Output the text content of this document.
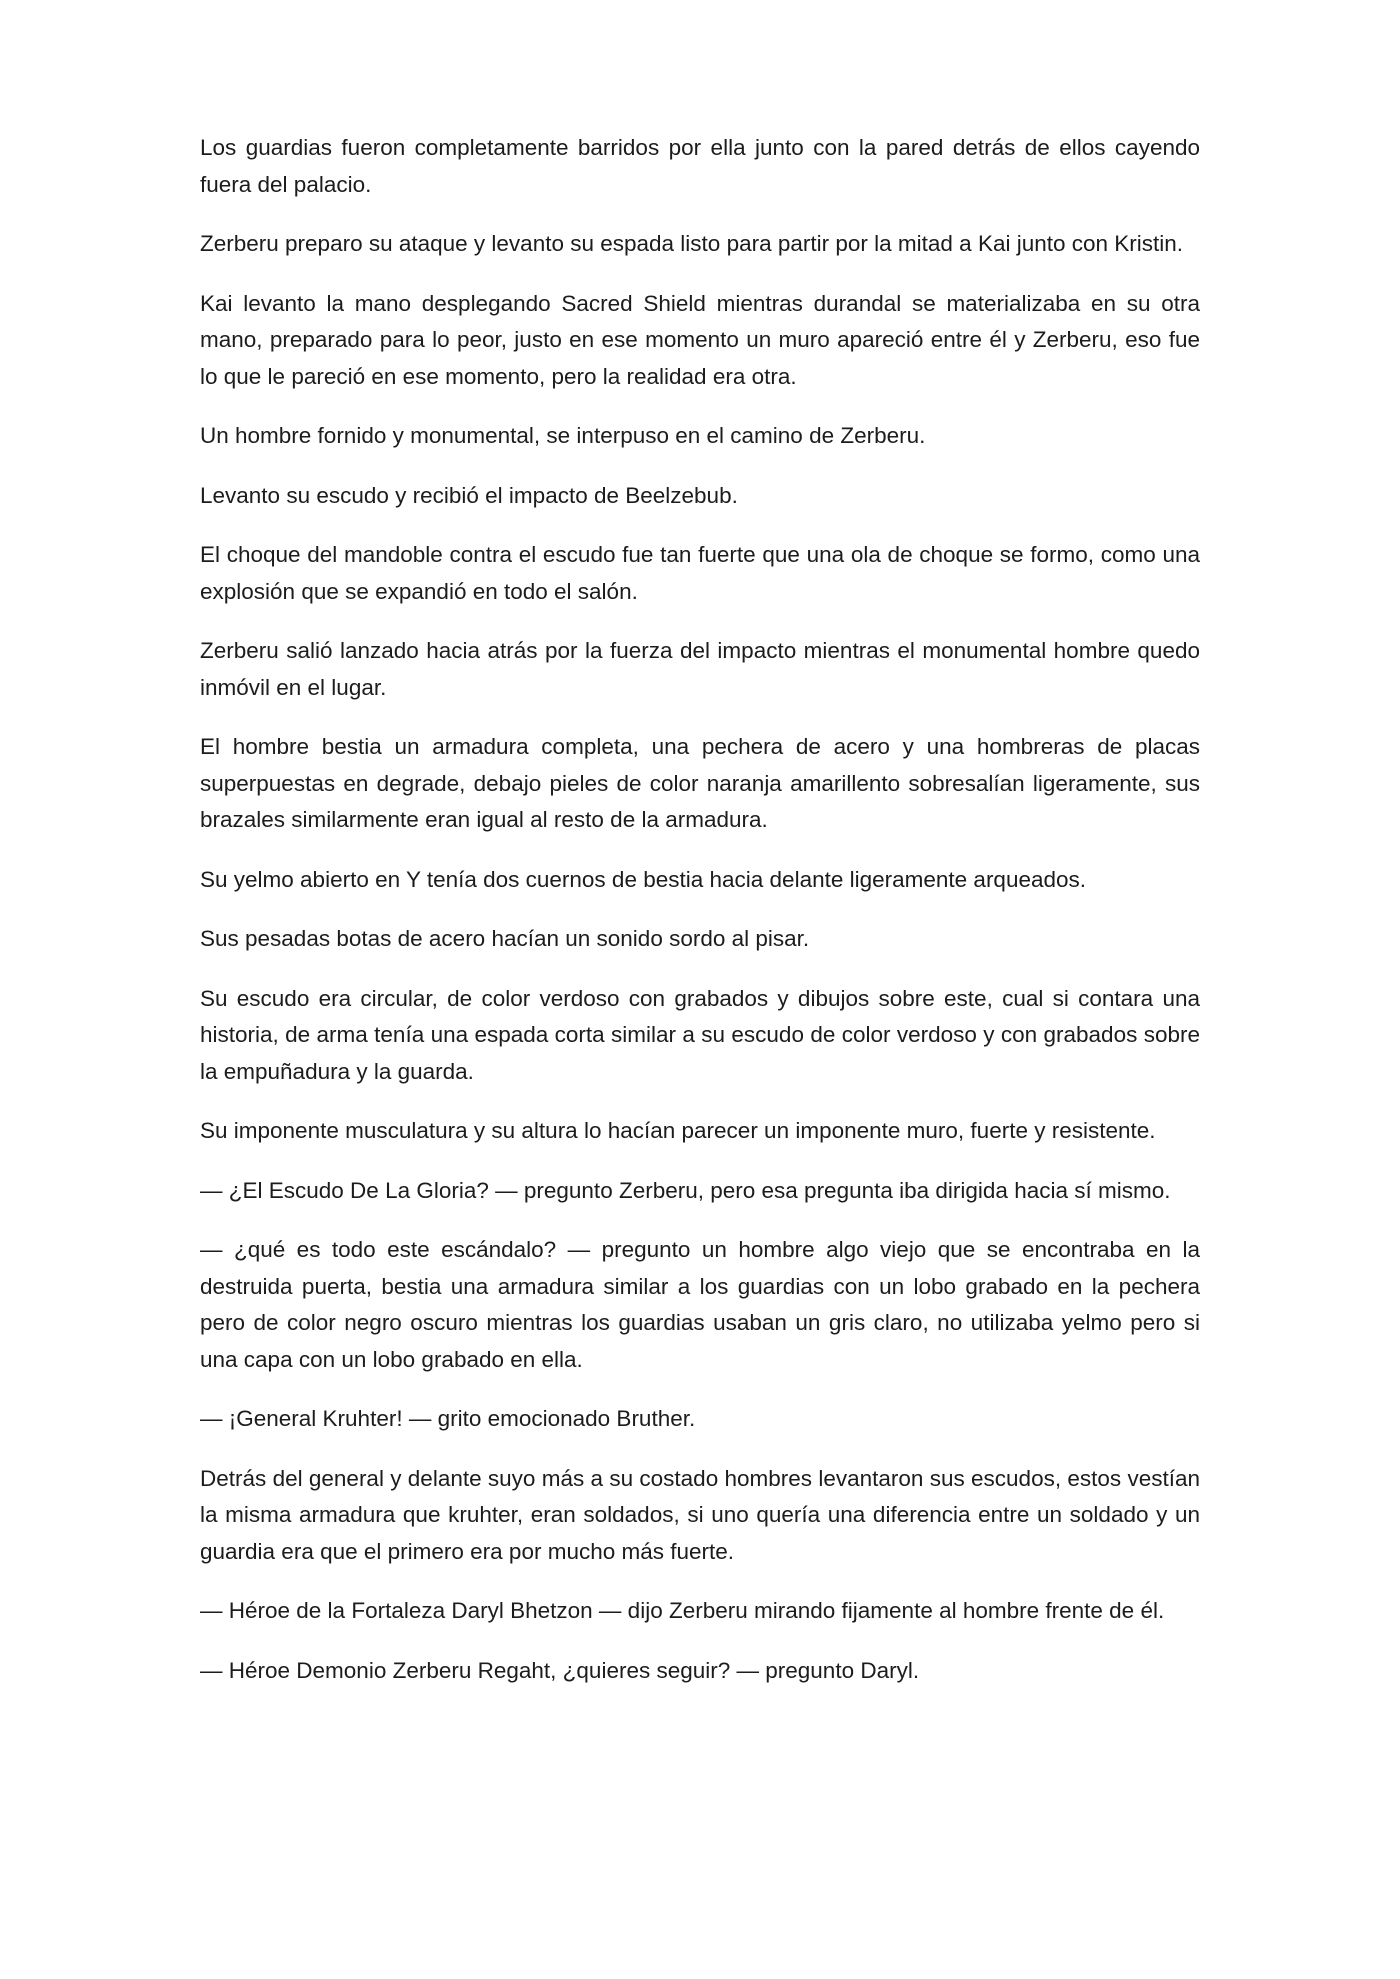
Los guardias fueron completamente barridos por ella junto con la pared detrás de ellos cayendo fuera del palacio.

Zerberu preparo su ataque y levanto su espada listo para partir por la mitad a Kai junto con Kristin.

Kai levanto la mano desplegando Sacred Shield mientras durandal se materializaba en su otra mano, preparado para lo peor, justo en ese momento un muro apareció entre él y Zerberu, eso fue lo que le pareció en ese momento, pero la realidad era otra.

Un hombre fornido y monumental, se interpuso en el camino de Zerberu.

Levanto su escudo y recibió el impacto de Beelzebub.

El choque del mandoble contra el escudo fue tan fuerte que una ola de choque se formo, como una explosión que se expandió en todo el salón.

Zerberu salió lanzado hacia atrás por la fuerza del impacto mientras el monumental hombre quedo inmóvil en el lugar.

El hombre bestia un armadura completa, una pechera de acero y una hombreras de placas superpuestas en degrade, debajo pieles de color naranja amarillento sobresalían ligeramente, sus brazales similarmente eran igual al resto de la armadura.

Su yelmo abierto en Y tenía dos cuernos de bestia hacia delante ligeramente arqueados.

Sus pesadas botas de acero hacían un sonido sordo al pisar.

Su escudo era circular, de color verdoso con grabados y dibujos sobre este, cual si contara una historia, de arma tenía una espada corta similar a su escudo de color verdoso y con grabados sobre la empuñadura y la guarda.

Su imponente musculatura y su altura lo hacían parecer un imponente muro, fuerte y resistente.

— ¿El Escudo De La Gloria? — pregunto Zerberu, pero esa pregunta iba dirigida hacia sí mismo.

— ¿qué es todo este escándalo? — pregunto un hombre algo viejo que se encontraba en la destruida puerta, bestia una armadura similar a los guardias con un lobo grabado en la pechera pero de color negro oscuro mientras los guardias usaban un gris claro, no utilizaba yelmo pero si una capa con un lobo grabado en ella.

— ¡General Kruhter! — grito emocionado Bruther.

Detrás del general y delante suyo más a su costado hombres levantaron sus escudos, estos vestían la misma armadura que kruhter, eran soldados, si uno quería una diferencia entre un soldado y un guardia era que el primero era por mucho más fuerte.

— Héroe de la Fortaleza Daryl Bhetzon — dijo Zerberu mirando fijamente al hombre frente de él.

— Héroe Demonio Zerberu Regaht, ¿quieres seguir? — pregunto Daryl.
